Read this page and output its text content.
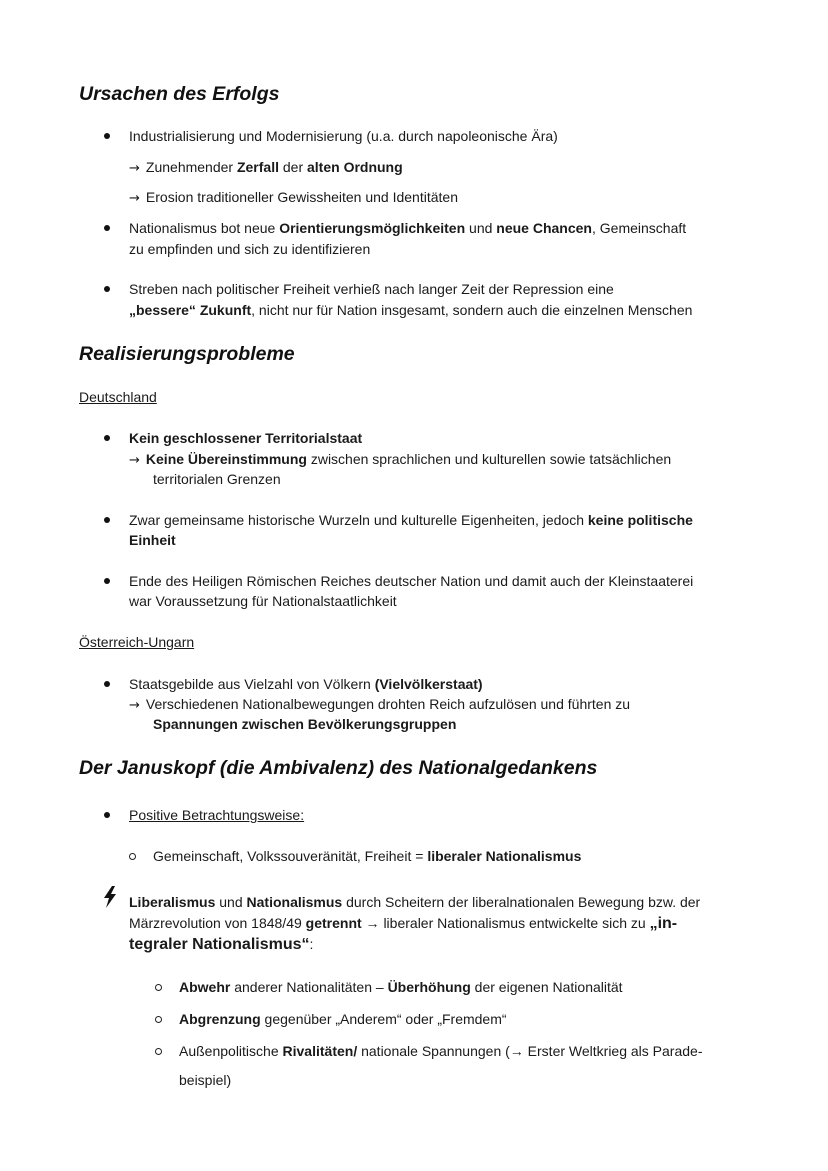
Ursachen des Erfolgs
Industrialisierung und Modernisierung (u.a. durch napoleonische Ära)
→ Zunehmender Zerfall der alten Ordnung
→ Erosion traditioneller Gewissheiten und Identitäten
Nationalismus bot neue Orientierungsmöglichkeiten und neue Chancen, Gemeinschaft
zu empfinden und sich zu identifizieren
Streben nach politischer Freiheit verhieß nach langer Zeit der Repression eine
„bessere“ Zukunft, nicht nur für Nation insgesamt, sondern auch die einzelnen Menschen
Realisierungsprobleme
Deutschland
Kein geschlossener Territorialstaat
→ Keine Übereinstimmung zwischen sprachlichen und kulturellen sowie tatsächlichen
territorialen Grenzen
Zwar gemeinsame historische Wurzeln und kulturelle Eigenheiten, jedoch keine politische
Einheit
Ende des Heiligen Römischen Reiches deutscher Nation und damit auch der Kleinstaaterei
war Voraussetzung für Nationalstaatlichkeit
Österreich-Ungarn
Staatsgebilde aus Vielzahl von Völkern (Vielvölkerstaat)
→ Verschiedenen Nationalbewegungen drohten Reich aufzulösen und führten zu
Spannungen zwischen Bevölkerungsgruppen
Der Januskopf (die Ambivalenz) des Nationalgedankens
Positive Betrachtungsweise:
Gemeinschaft, Volkssouveränität, Freiheit = liberaler Nationalismus
Liberalismus und Nationalismus durch Scheitern der liberalnationalen Bewegung bzw. der
Märzrevolution von 1848/49 getrennt → liberaler Nationalismus entwickelte sich zu „in-
tegraler Nationalismus“:
Abwehr anderer Nationalitäten – Überhöhung der eigenen Nationalität
Abgrenzung gegenüber „Anderem“ oder „Fremdem“
Außenpolitische Rivalitäten/ nationale Spannungen (→ Erster Weltkrieg als Parade-
beispiel)
